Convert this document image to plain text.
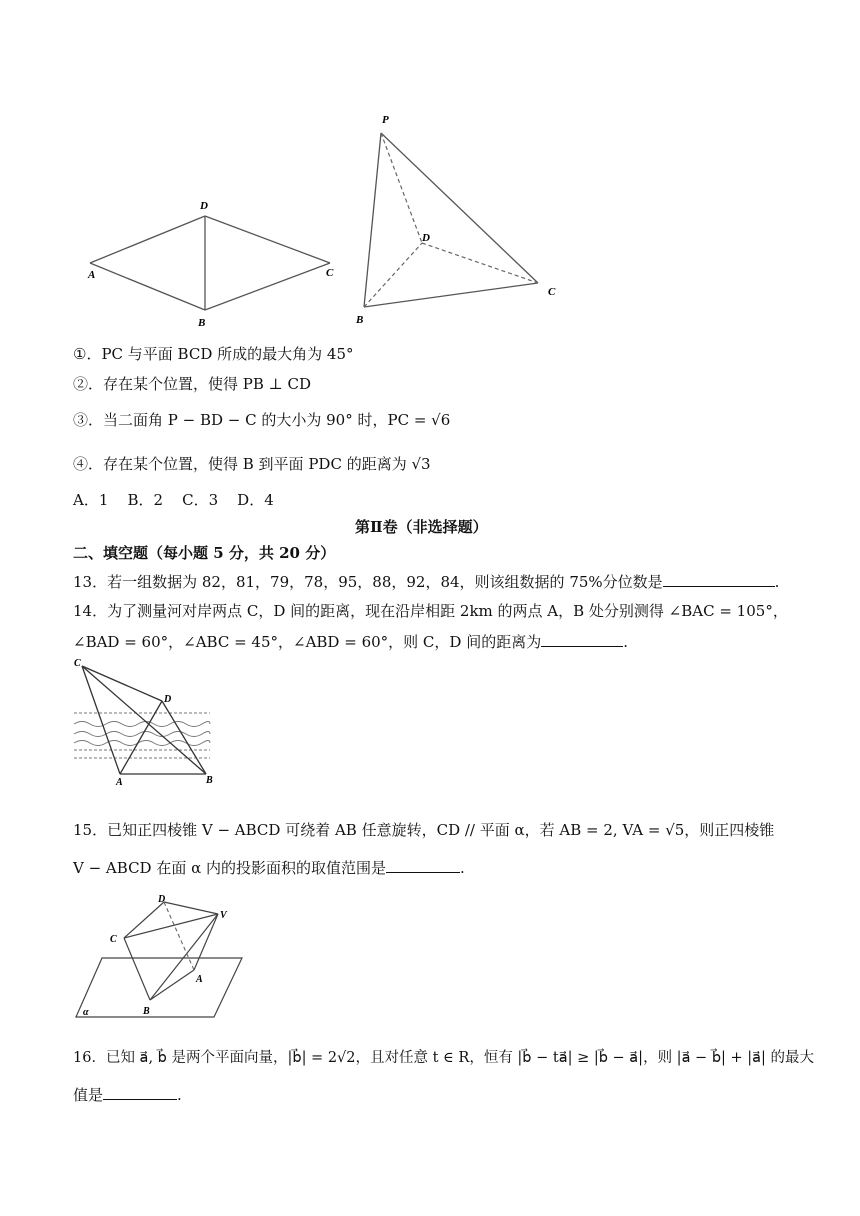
A
D
C
B
P
D
C
B
①．PC 与平面 BCD 所成的最大角为 45°
②．存在某个位置，使得 PB ⊥ CD
③．当二面角 P − BD − C 的大小为 90° 时，PC = √6
④．存在某个位置，使得 B 到平面 PDC 的距离为 √3
A．1    B．2    C．3    D．4
第Ⅱ卷（非选择题）
二、填空题（每小题 5 分，共 20 分）
13．若一组数据为 82，81，79，78，95，88，92，84，则该组数据的 75%分位数是	.
14．为了测量河对岸两点 C，D 间的距离，现在沿岸相距 2km 的两点 A，B 处分别测得 ∠BAC = 105°，
∠BAD = 60°，∠ABC = 45°，∠ABD = 60°，则 C，D 间的距离为	.
C
D
A	B
15．已知正四棱锥 V − ABCD 可绕着 AB 任意旋转，CD // 平面 α，若 AB = 2, VA = √5，则正四棱锥
V − ABCD 在面 α 内的投影面积的取值范围是	.
D
V
C
A
B
α
16．已知 a⃗, b⃗ 是两个平面向量，|b⃗| = 2√2，且对任意 t ∈ R，恒有 |b⃗ − ta⃗| ≥ |b⃗ − a⃗|，则 |a⃗ − b⃗| + |a⃗| 的最大
值是	.
